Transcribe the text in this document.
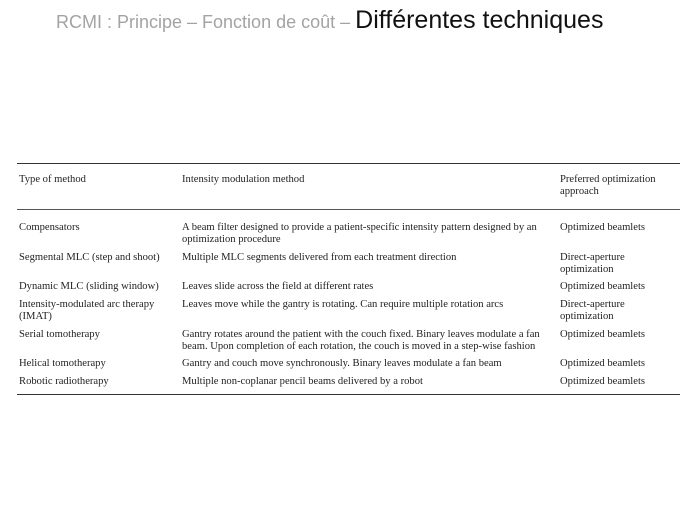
RCMI : Principe – Fonction de coût – Différentes techniques
Type of method	Intensity modulation method	Preferred optimization approach
Compensators	A beam filter designed to provide a patient-specific intensity pattern designed by an optimization procedure	Optimized beamlets
Segmental MLC (step and shoot)	Multiple MLC segments delivered from each treatment direction	Direct-aperture optimization
Dynamic MLC (sliding window)	Leaves slide across the field at different rates	Optimized beamlets
Intensity-modulated arc therapy (IMAT)	Leaves move while the gantry is rotating. Can require multiple rotation arcs	Direct-aperture optimization
Serial tomotherapy	Gantry rotates around the patient with the couch fixed. Binary leaves modulate a fan beam. Upon completion of each rotation, the couch is moved in a step-wise fashion	Optimized beamlets
Helical tomotherapy	Gantry and couch move synchronously. Binary leaves modulate a fan beam	Optimized beamlets
Robotic radiotherapy	Multiple non-coplanar pencil beams delivered by a robot	Optimized beamlets
